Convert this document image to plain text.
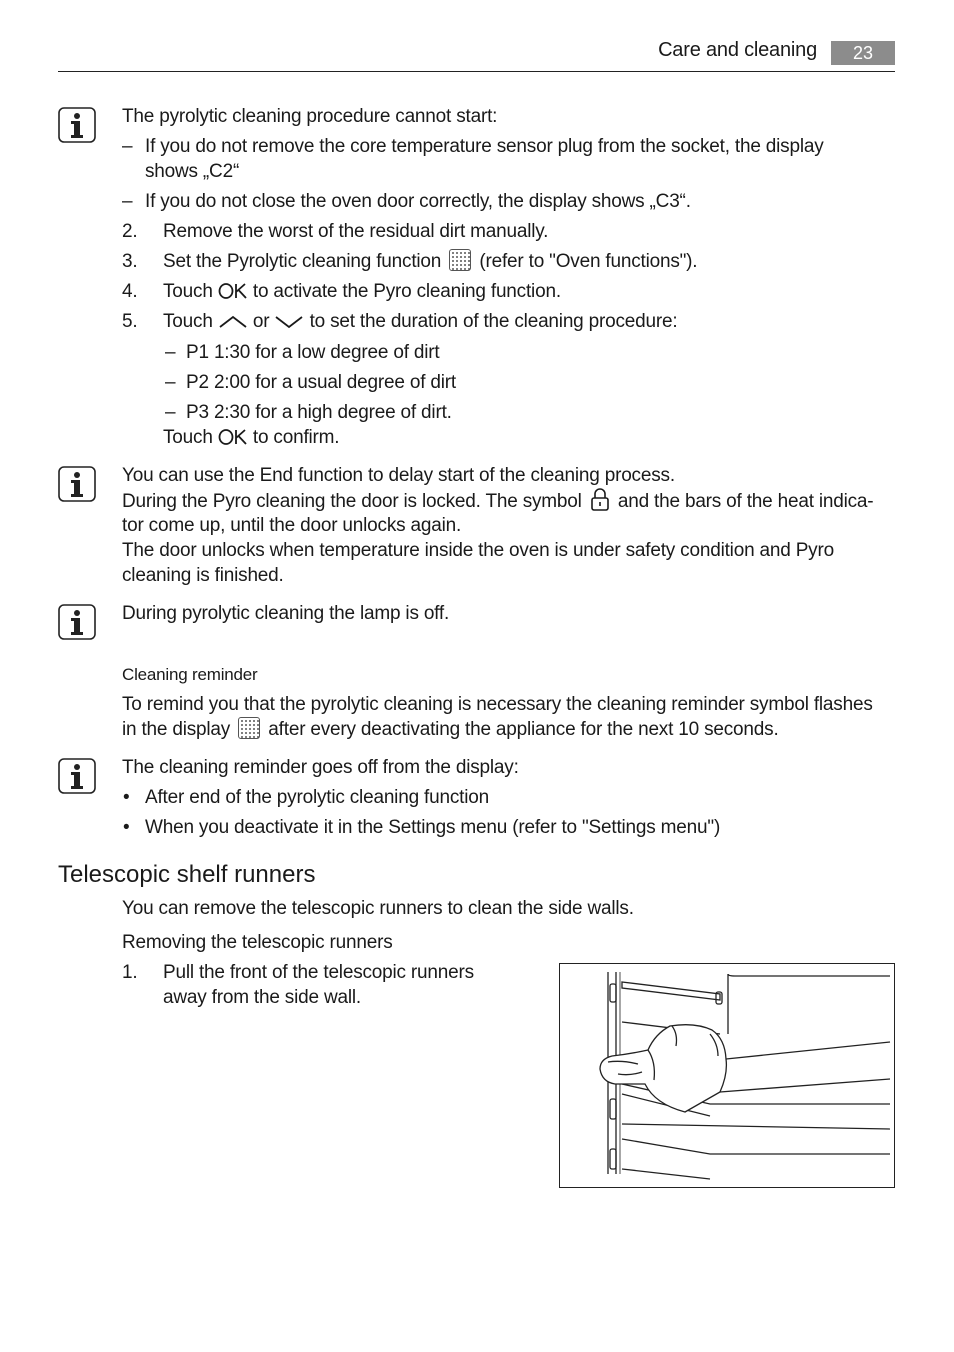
Care and cleaning	23
The pyrolytic cleaning procedure cannot start:
– If you do not remove the core temperature sensor plug from the socket, the display
shows „C2“
– If you do not close the oven door correctly, the display shows „C3“.
2. Remove the worst of the residual dirt manually.
3. Set the Pyrolytic cleaning function (refer to "Oven functions").
4. Touch to activate the Pyro cleaning function.
5. Touch or to set the duration of the cleaning procedure:
– P1 1:30 for a low degree of dirt
– P2 2:00 for a usual degree of dirt
– P3 2:30 for a high degree of dirt.
Touch to confirm.
You can use the End function to delay start of the cleaning process.
During the Pyro cleaning the door is locked. The symbol and the bars of the heat indica-
tor come up, until the door unlocks again.
The door unlocks when temperature inside the oven is under safety condition and Pyro
cleaning is finished.
During pyrolytic cleaning the lamp is off.
Cleaning reminder
To remind you that the pyrolytic cleaning is necessary the cleaning reminder symbol flashes
in the display after every deactivating the appliance for the next 10 seconds.
The cleaning reminder goes off from the display:
• After end of the pyrolytic cleaning function
• When you deactivate it in the Settings menu (refer to "Settings menu")
Telescopic shelf runners
You can remove the telescopic runners to clean the side walls.
Removing the telescopic runners
1. Pull the front of the telescopic runners
away from the side wall.
